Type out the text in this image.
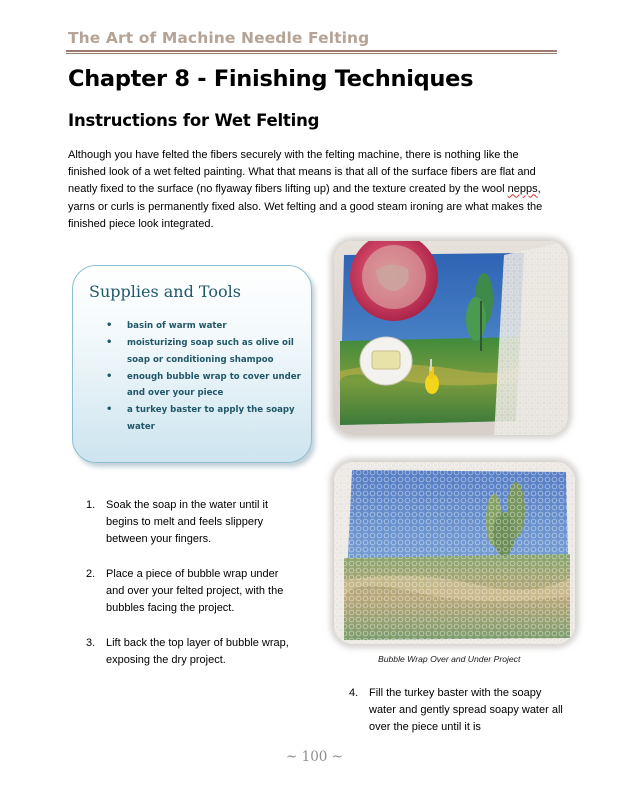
The Art of Machine Needle Felting
Chapter 8 - Finishing Techniques
Instructions for Wet Felting

Although you have felted the fibers securely with the felting machine, there is nothing like the finished look of a wet felted painting. What that means is that all of the surface fibers are flat and neatly fixed to the surface (no flyaway fibers lifting up) and the texture created by the wool nepps, yarns or curls is permanently fixed also. Wet felting and a good steam ironing are what makes the finished piece look integrated.

Supplies and Tools
• basin of warm water
• moisturizing soap such as olive oil soap or conditioning shampoo
• enough bubble wrap to cover under and over your piece
• a turkey baster to apply the soapy water
1. Soak the soap in the water until it begins to melt and feels slippery between your fingers.
2. Place a piece of bubble wrap under and over your felted project, with the bubbles facing the project.
3. Lift back the top layer of bubble wrap, exposing the dry project.
4. Fill the turkey baster with the soapy water and gently spread soapy water all over the piece until it is
Bubble Wrap Over and Under Project
~ 100 ~
